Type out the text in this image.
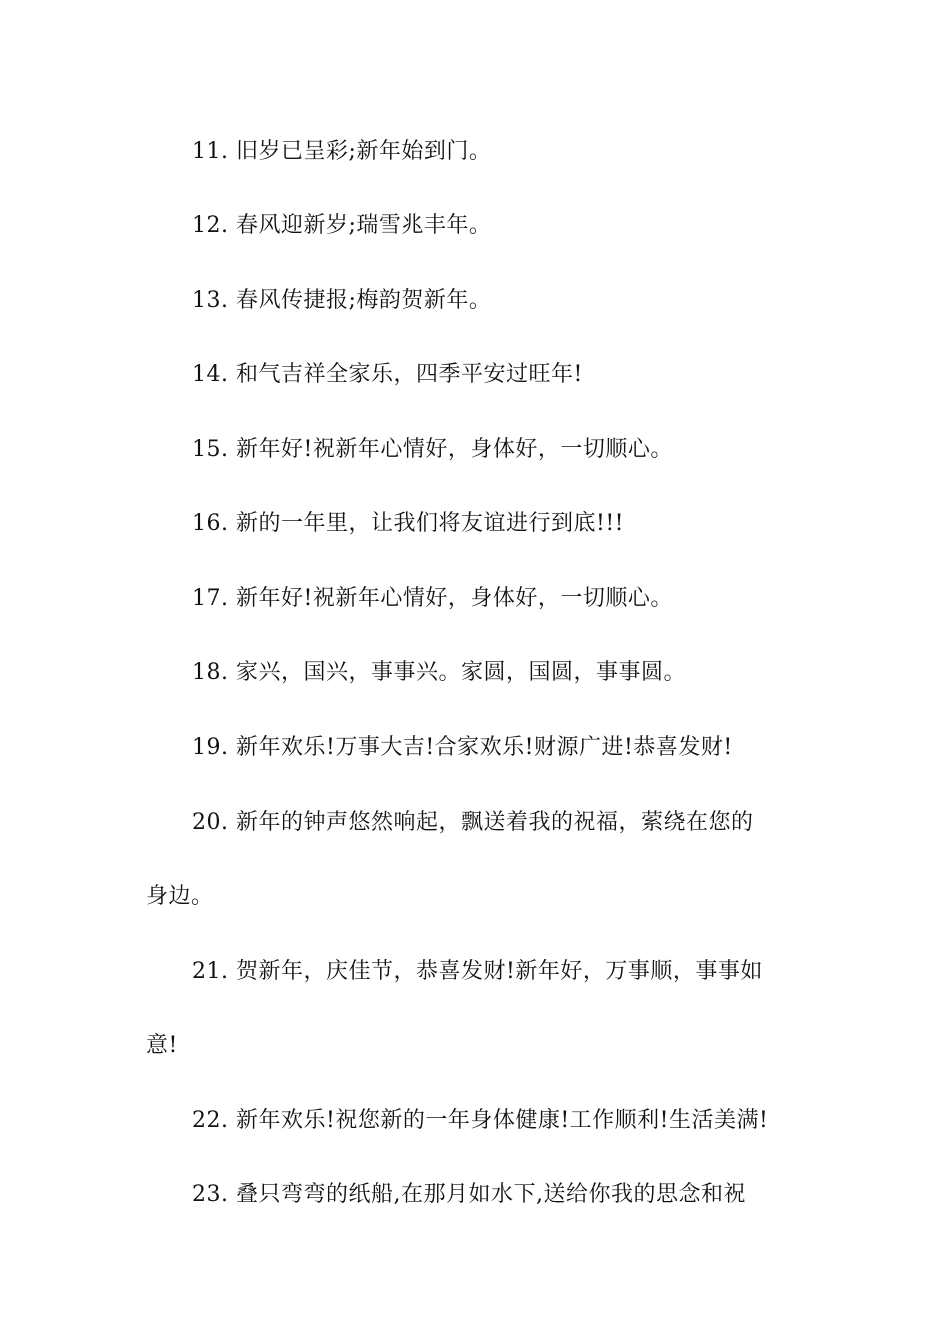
11. 旧岁已呈彩;新年始到门。
12. 春风迎新岁;瑞雪兆丰年。
13. 春风传捷报;梅韵贺新年。
14. 和气吉祥全家乐，四季平安过旺年!
15. 新年好!祝新年心情好，身体好，一切顺心。
16. 新的一年里，让我们将友谊进行到底!!!
17. 新年好!祝新年心情好，身体好，一切顺心。
18. 家兴，国兴，事事兴。家圆，国圆，事事圆。
19. 新年欢乐!万事大吉!合家欢乐!财源广进!恭喜发财!
20. 新年的钟声悠然响起，飘送着我的祝福，萦绕在您的
身边。
21. 贺新年，庆佳节，恭喜发财!新年好，万事顺，事事如
意!
22. 新年欢乐!祝您新的一年身体健康!工作顺利!生活美满!
23. 叠只弯弯的纸船,在那月如水下,送给你我的思念和祝
